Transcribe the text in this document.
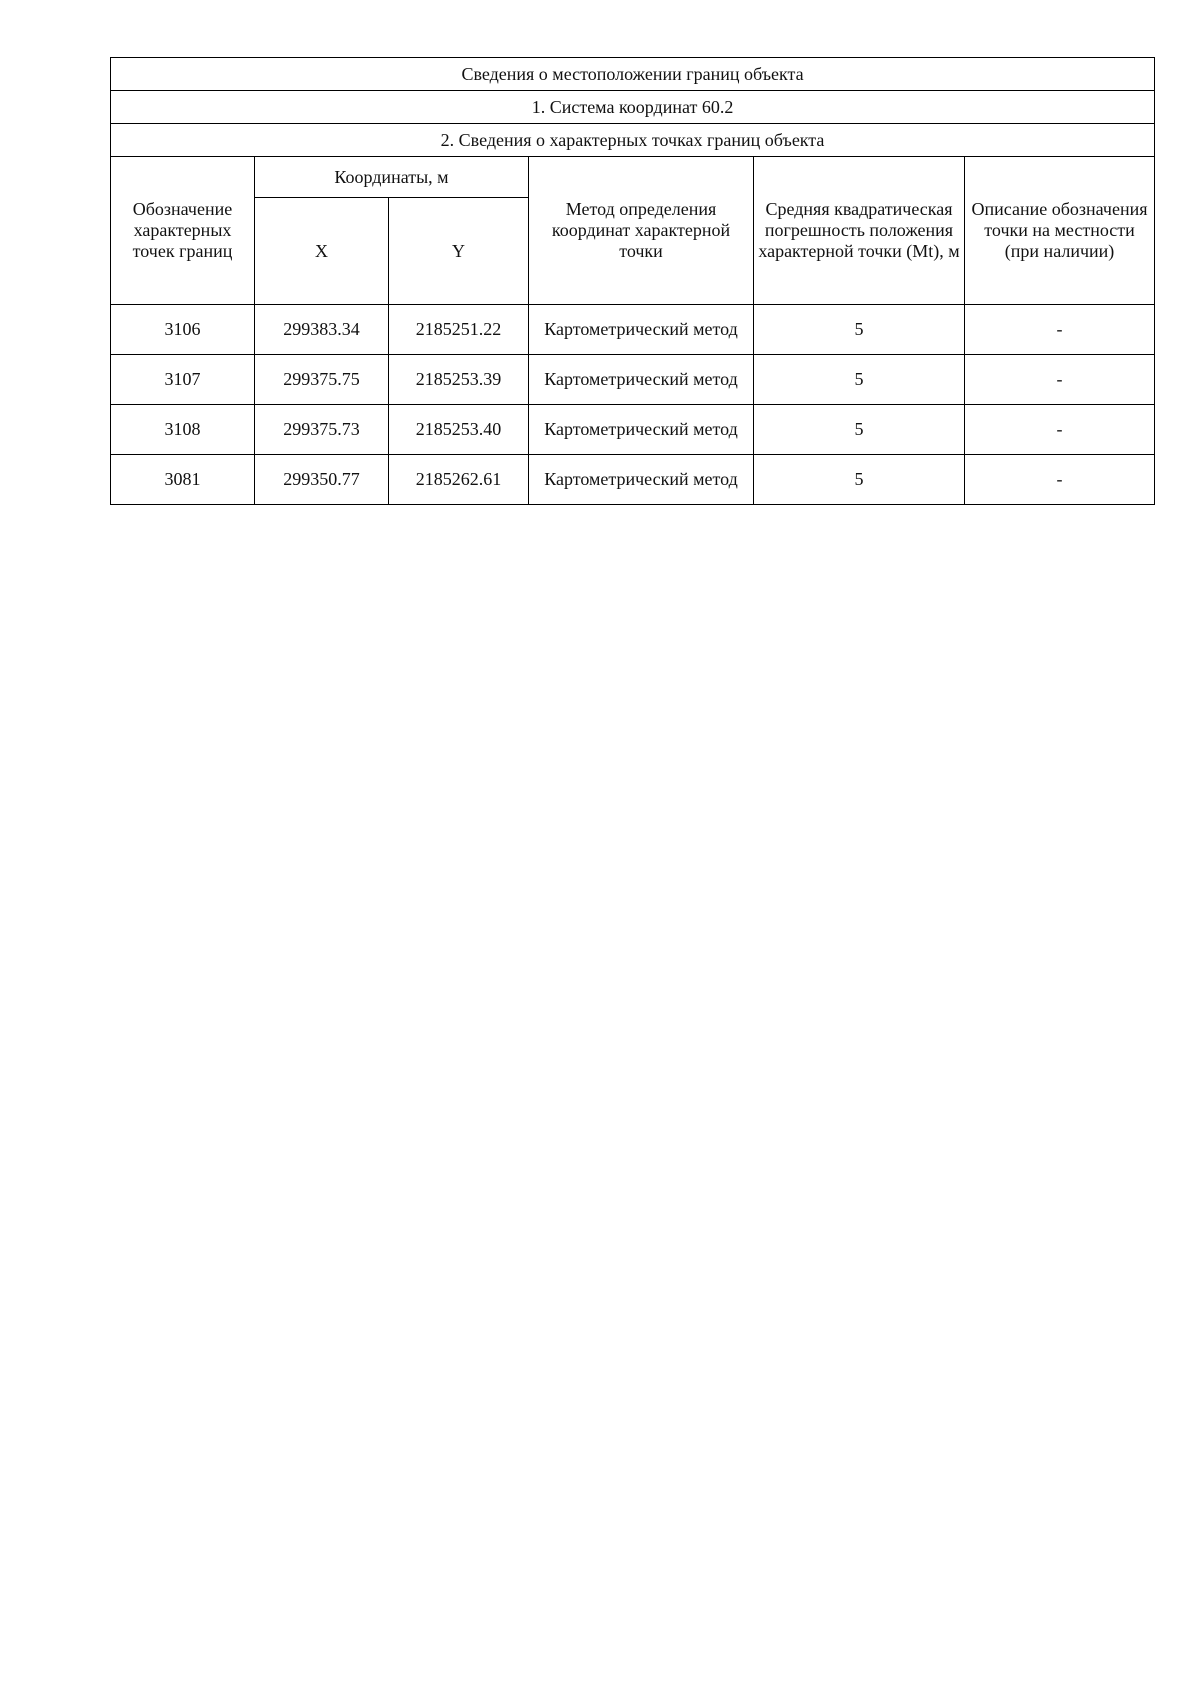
Сведения о местоположении границ объекта					
1. Система координат 60.2					
2. Сведения о характерных точках границ объекта					
Обозначение характерных точек границ	Координаты, м		Метод определения координат характерной точки	Средняя квадратическая погрешность положения характерной точки (Mt), м	Описание обозначения точки на местности (при наличии)
	X	Y			
3106	299383.34	2185251.22	Картометрический метод	5	-
3107	299375.75	2185253.39	Картометрический метод	5	-
3108	299375.73	2185253.40	Картометрический метод	5	-
3081	299350.77	2185262.61	Картометрический метод	5	-
